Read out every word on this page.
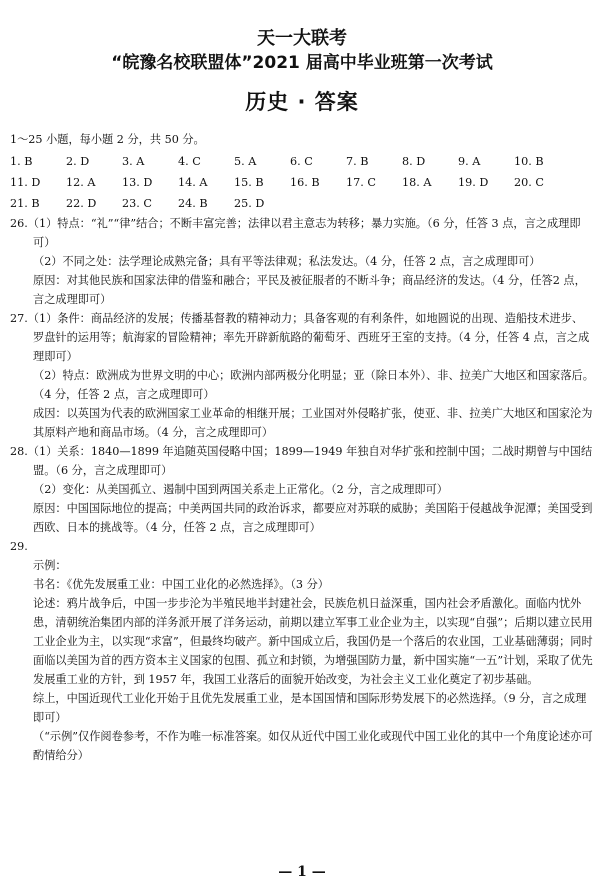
天一大联考
“皖豫名校联盟体”2021 届高中毕业班第一次考试
历史 · 答案
1～25 小题，每小题 2 分，共 50 分。
1. B	2. D	3. A	4. C	5. A	6. C	7. B	8. D	9. A	10. B
11. D	12. A	13. D	14. A	15. B	16. B	17. C	18. A	19. D	20. C
21. B	22. D	23. C	24. B	25. D
26.（1）特点：“礼”“律”结合；不断丰富完善；法律以君主意志为转移；暴力实施。（6 分，任答 3 点，言之成理即可）
（2）不同之处：法学理论成熟完备；具有平等法律观；私法发达。（4 分，任答 2 点，言之成理即可）
原因：对其他民族和国家法律的借鉴和融合；平民及被征服者的不断斗争；商品经济的发达。（4 分，任答2 点，言之成理即可）
27.（1）条件：商品经济的发展；传播基督教的精神动力；具备客观的有利条件，如地圆说的出现、造船技术进步、罗盘针的运用等；航海家的冒险精神；率先开辟新航路的葡萄牙、西班牙王室的支持。（4 分，任答 4 点，言之成理即可）
（2）特点：欧洲成为世界文明的中心；欧洲内部两极分化明显；亚（除日本外）、非、拉美广大地区和国家落后。（4 分，任答 2 点，言之成理即可）
成因：以英国为代表的欧洲国家工业革命的相继开展；工业国对外侵略扩张，使亚、非、拉美广大地区和国家沦为其原料产地和商品市场。（4 分，言之成理即可）
28.（1）关系：1840—1899 年追随英国侵略中国；1899—1949 年独自对华扩张和控制中国；二战时期曾与中国结盟。（6 分，言之成理即可）
（2）变化：从美国孤立、遏制中国到两国关系走上正常化。（2 分，言之成理即可）
原因：中国国际地位的提高；中美两国共同的政治诉求，都要应对苏联的威胁；美国陷于侵越战争泥潭；美国受到西欧、日本的挑战等。（4 分，任答 2 点，言之成理即可）
29.
示例：
书名：《优先发展重工业：中国工业化的必然选择》。（3 分）
论述：鸦片战争后，中国一步步沦为半殖民地半封建社会，民族危机日益深重，国内社会矛盾激化。面临内忧外患，清朝统治集团内部的洋务派开展了洋务运动，前期以建立军事工业企业为主，以实现“自强”；后期以建立民用工业企业为主，以实现“求富”，但最终均破产。新中国成立后，我国仍是一个落后的农业国，工业基础薄弱；同时面临以美国为首的西方资本主义国家的包围、孤立和封锁，为增强国防力量，新中国实施“一五”计划，采取了优先发展重工业的方针，到 1957 年，我国工业落后的面貌开始改变，为社会主义工业化奠定了初步基础。
综上，中国近现代工业化开始于且优先发展重工业，是本国国情和国际形势发展下的必然选择。（9 分，言之成理即可）
（“示例”仅作阅卷参考，不作为唯一标准答案。如仅从近代中国工业化或现代中国工业化的其中一个角度论述亦可酌情给分）
— 1 —
